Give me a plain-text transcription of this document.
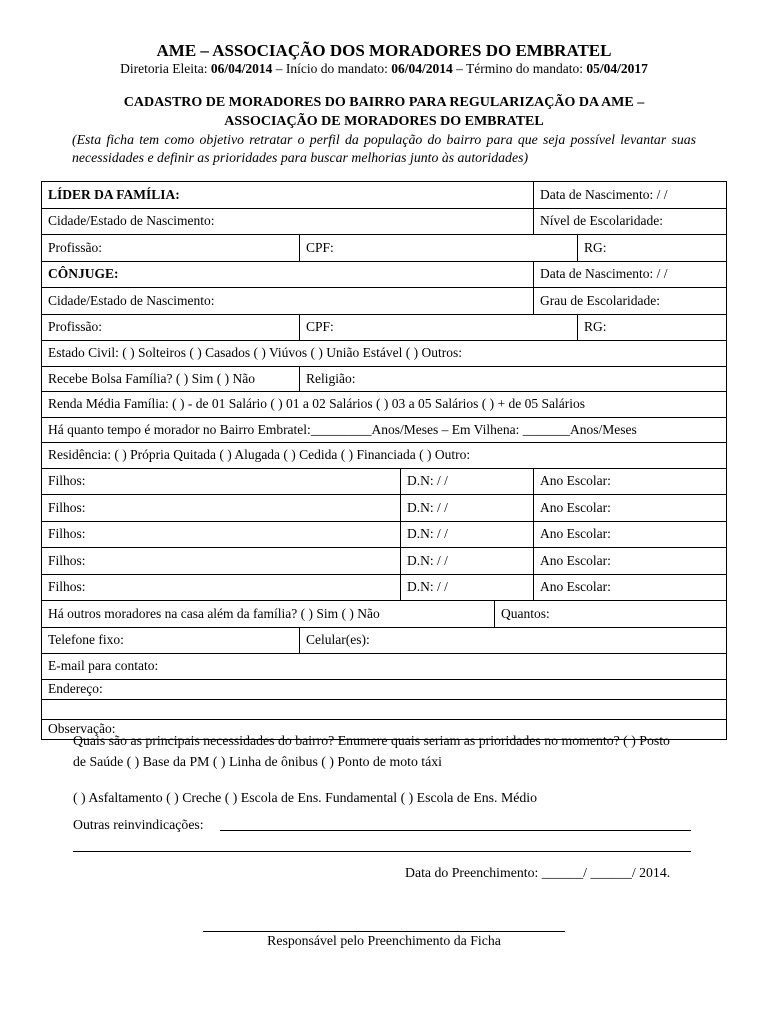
AME – ASSOCIAÇÃO DOS MORADORES DO EMBRATEL
Diretoria Eleita: 06/04/2014 – Início do mandato: 06/04/2014 – Término do mandato: 05/04/2017
CADASTRO DE MORADORES DO BAIRRO PARA REGULARIZAÇÃO DA AME –
ASSOCIAÇÃO DE MORADORES DO EMBRATEL
(Esta ficha tem como objetivo retratar o perfil da população do bairro para que seja possível levantar suas necessidades e definir as prioridades para buscar melhorias junto às autoridades)
LÍDER DA FAMÍLIA:				Data de Nascimento: / /	
Cidade/Estado de Nascimento:				Nível de Escolaridade:	
Profissão:	CPF:				RG:
CÔNJUGE:				Data de Nascimento: / /	
Cidade/Estado de Nascimento:				Grau de Escolaridade:	
Profissão:	CPF:				RG:
Estado Civil: ( ) Solteiros ( ) Casados ( ) Viúvos ( ) União Estável ( ) Outros:					
Recebe Bolsa Família? ( ) Sim ( ) Não	Religião:				
Renda Média Família: ( ) - de 01 Salário ( ) 01 a 02 Salários ( ) 03 a 05 Salários ( ) + de 05 Salários					
Há quanto tempo é morador no Bairro Embratel:_________Anos/Meses – Em Vilhena: _______Anos/Meses					
Residência: ( ) Própria Quitada ( ) Alugada ( ) Cedida ( ) Financiada ( ) Outro:					
Filhos:		D.N: / /		Ano Escolar:	
Filhos:		D.N: / /		Ano Escolar:	
Filhos:		D.N: / /		Ano Escolar:	
Filhos:		D.N: / /		Ano Escolar:	
Filhos:		D.N: / /		Ano Escolar:	
Há outros moradores na casa além da família? ( ) Sim ( ) Não			Quantos:		
Telefone fixo:	Celular(es):				
E-mail para contato:					
Endereço:					

Observação:					
Quais são as principais necessidades do bairro? Enumere quais seriam as prioridades no momento? ( ) Posto de Saúde ( ) Base da PM ( ) Linha de ônibus ( ) Ponto de moto táxi
( ) Asfaltamento ( ) Creche ( ) Escola de Ens. Fundamental ( ) Escola de Ens. Médio
Outras reinvindicações:
Data do Preenchimento: ______/ ______/ 2014.
Responsável pelo Preenchimento da Ficha
